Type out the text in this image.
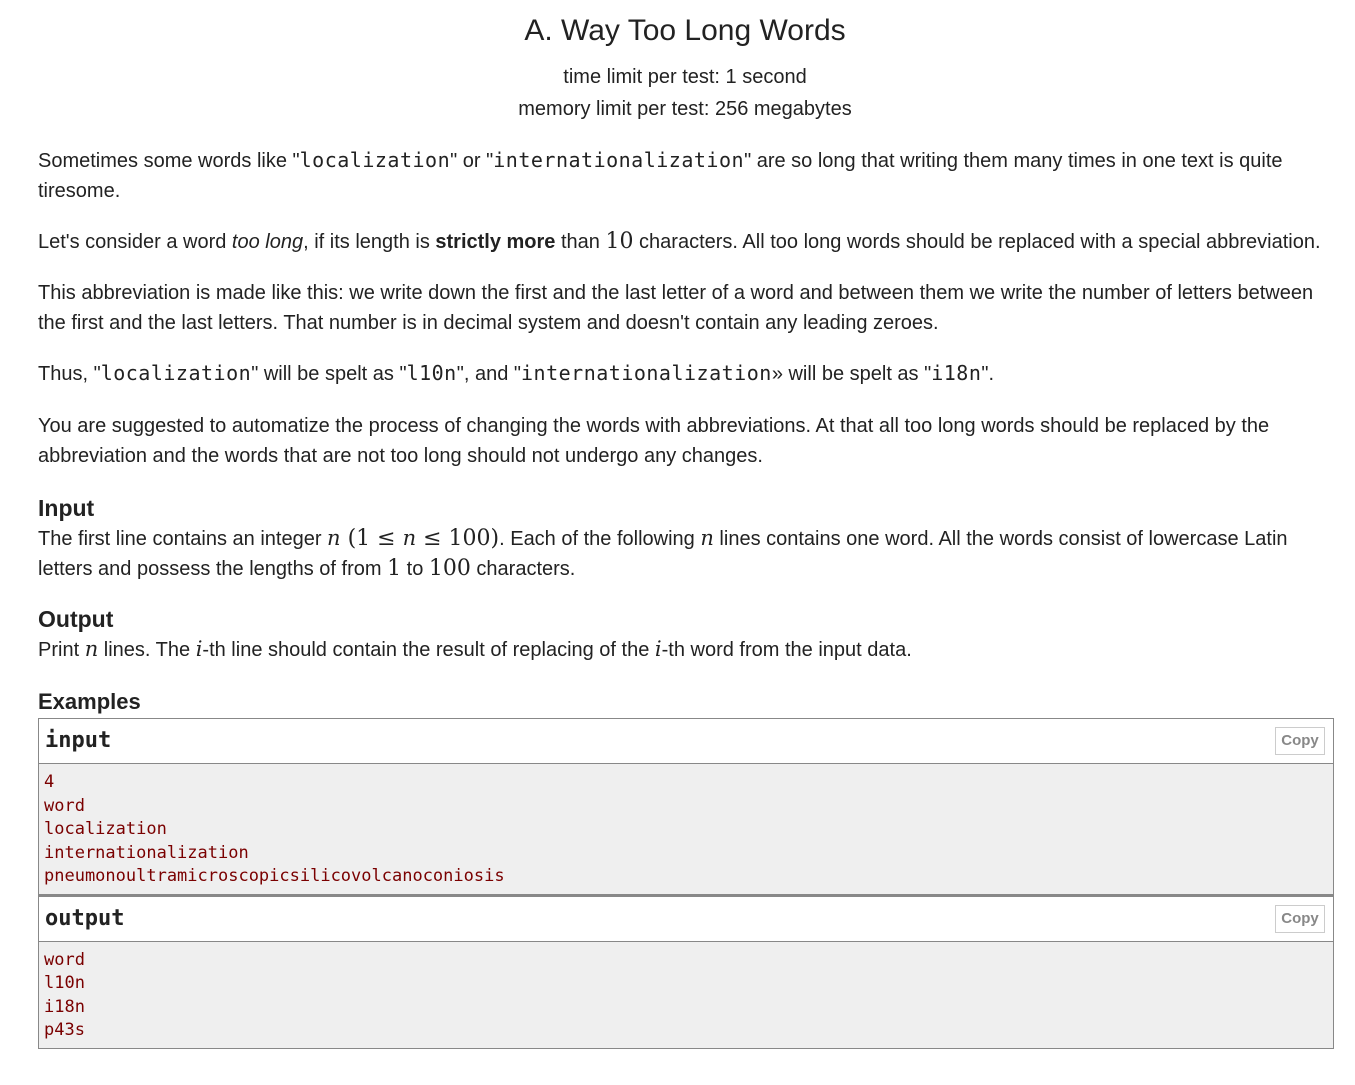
A. Way Too Long Words
time limit per test: 1 second
memory limit per test: 256 megabytes

Sometimes some words like "localization" or "internationalization" are so long that writing them many times in one text is quite tiresome.

Let's consider a word too long, if its length is strictly more than 10 characters. All too long words should be replaced with a special abbreviation.

This abbreviation is made like this: we write down the first and the last letter of a word and between them we write the number of letters between the first and the last letters. That number is in decimal system and doesn't contain any leading zeroes.

Thus, "localization" will be spelt as "l10n", and "internationalization» will be spelt as "i18n".

You are suggested to automatize the process of changing the words with abbreviations. At that all too long words should be replaced by the abbreviation and the words that are not too long should not undergo any changes.

Input

The first line contains an integer n (1 ≤ n ≤ 100). Each of the following n lines contains one word. All the words consist of lowercase Latin letters and possess the lengths of from 1 to 100 characters.

Output

Print n lines. The i-th line should contain the result of replacing of the i-th word from the input data.

Examples
input	Copy
4
word
localization
internationalization
pneumonoultramicroscopicsilicovolcanoconiosis
output	Copy
word
l10n
i18n
p43s
